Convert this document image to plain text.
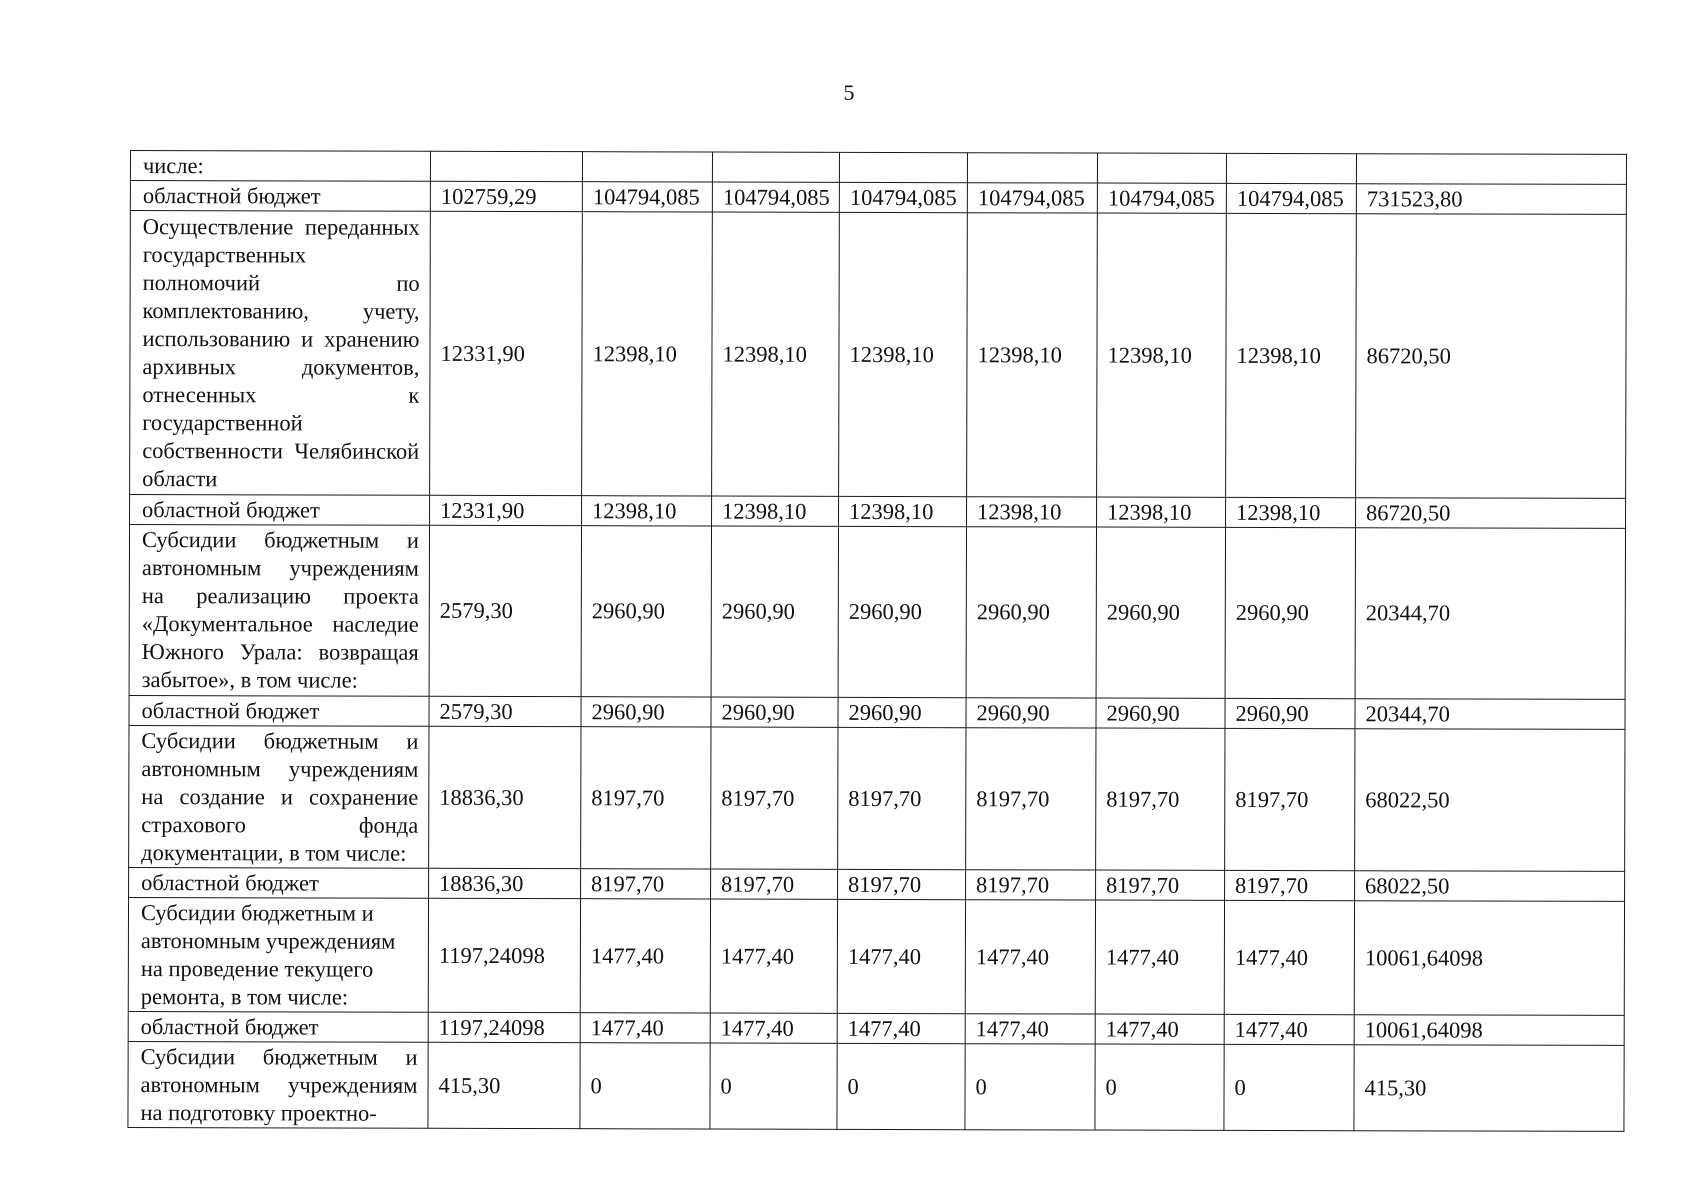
5
числе:								
областной бюджет	102759,29	104794,085	104794,085	104794,085	104794,085	104794,085	104794,085	731523,80
Осуществление переданных государственных полномочий по комплектованию, учету, использованию и хранению архивных документов, отнесенных к государственной собственности Челябинской области	12331,90	12398,10	12398,10	12398,10	12398,10	12398,10	12398,10	86720,50
областной бюджет	12331,90	12398,10	12398,10	12398,10	12398,10	12398,10	12398,10	86720,50
Субсидии бюджетным и автономным учреждениям на реализацию проекта «Документальное наследие Южного Урала: возвращая забытое», в том числе:	2579,30	2960,90	2960,90	2960,90	2960,90	2960,90	2960,90	20344,70
областной бюджет	2579,30	2960,90	2960,90	2960,90	2960,90	2960,90	2960,90	20344,70
Субсидии бюджетным и автономным учреждениям на создание и сохранение страхового фонда документации, в том числе:	18836,30	8197,70	8197,70	8197,70	8197,70	8197,70	8197,70	68022,50
областной бюджет	18836,30	8197,70	8197,70	8197,70	8197,70	8197,70	8197,70	68022,50
Субсидии бюджетным и автономным учреждениям на проведение текущего ремонта, в том числе:	1197,24098	1477,40	1477,40	1477,40	1477,40	1477,40	1477,40	10061,64098
областной бюджет	1197,24098	1477,40	1477,40	1477,40	1477,40	1477,40	1477,40	10061,64098
Субсидии бюджетным и автономным учреждениям на подготовку проектно-	415,30	0	0	0	0	0	0	415,30
